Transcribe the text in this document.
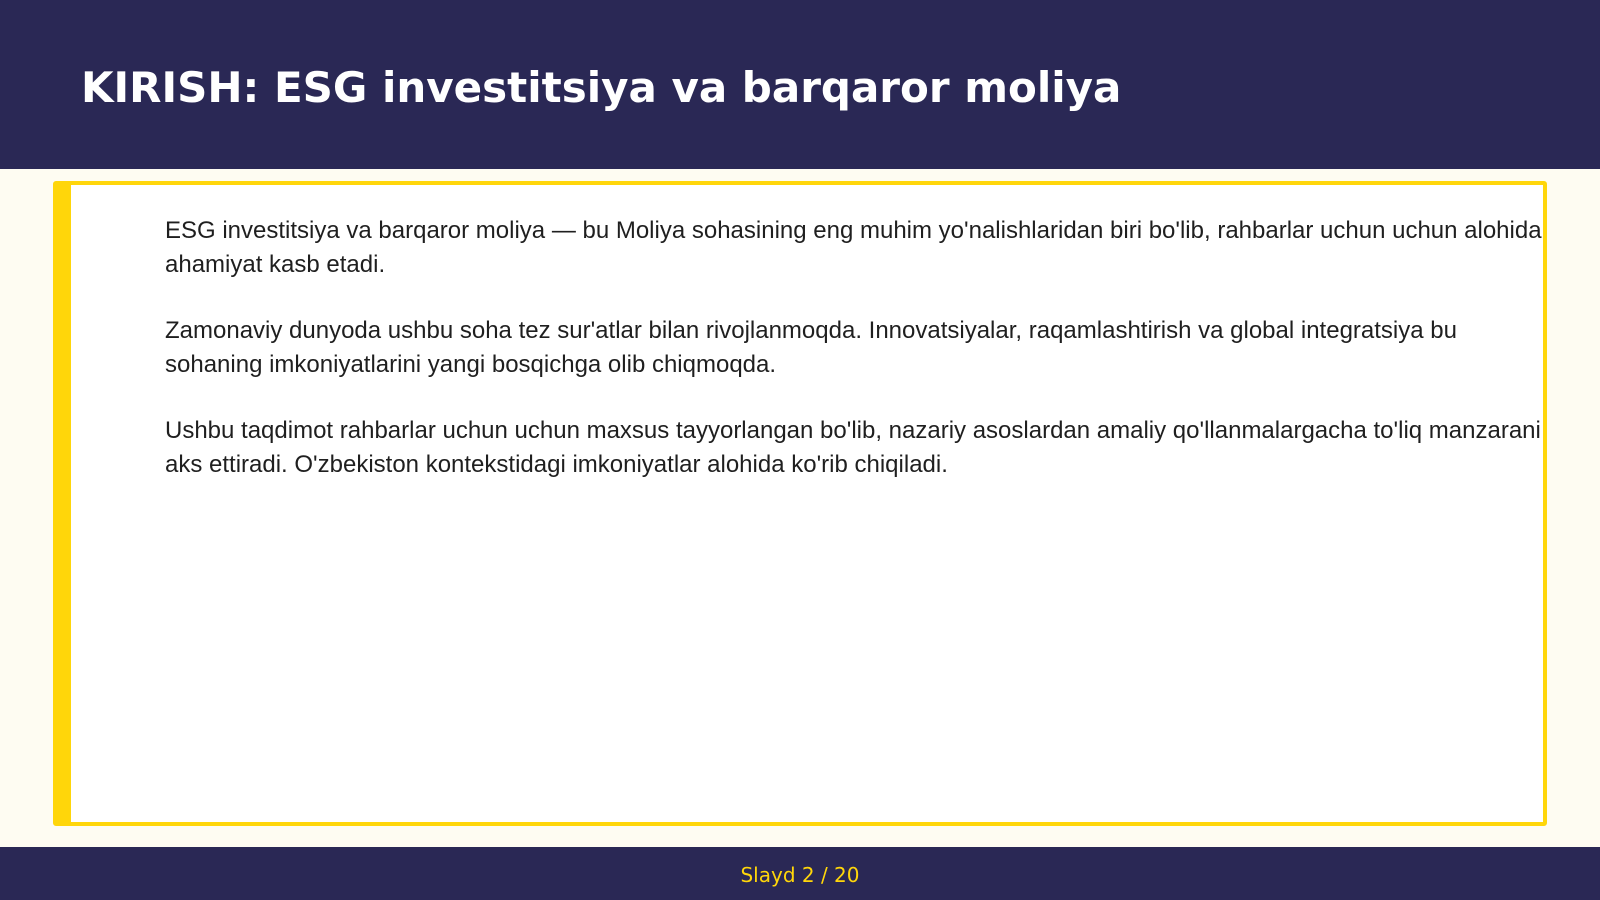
KIRISH: ESG investitsiya va barqaror moliya

ESG investitsiya va barqaror moliya — bu Moliya sohasining eng muhim yo'nalishlaridan biri bo'lib, rahbarlar uchun uchun alohida ahamiyat kasb etadi.

Zamonaviy dunyoda ushbu soha tez sur'atlar bilan rivojlanmoqda. Innovatsiyalar, raqamlashtirish va global integratsiya bu sohaning imkoniyatlarini yangi bosqichga olib chiqmoqda.

Ushbu taqdimot rahbarlar uchun uchun maxsus tayyorlangan bo'lib, nazariy asoslardan amaliy qo'llanmalargacha to'liq manzarani aks ettiradi. O'zbekiston kontekstidagi imkoniyatlar alohida ko'rib chiqiladi.

Slayd 2 / 20
